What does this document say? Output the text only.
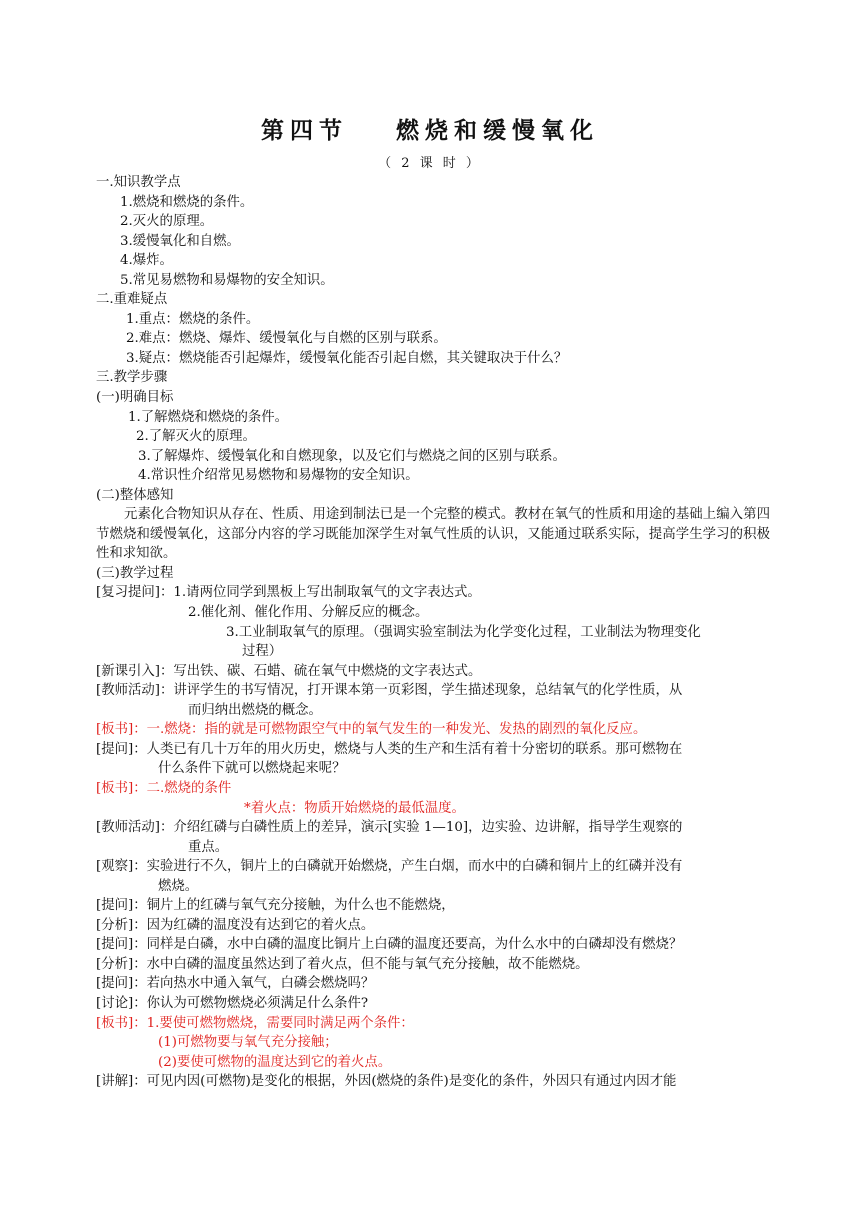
第四节 燃烧和缓慢氧化
（ 2 课 时 ）
一.知识教学点
1.燃烧和燃烧的条件。
2.灭火的原理。
3.缓慢氧化和自燃。
4.爆炸。
5.常见易燃物和易爆物的安全知识。
二.重难疑点
1.重点：燃烧的条件。
2.难点：燃烧、爆炸、缓慢氧化与自燃的区别与联系。
3.疑点：燃烧能否引起爆炸，缓慢氧化能否引起自燃，其关键取决于什么？
三.教学步骤
(一)明确目标
1.了解燃烧和燃烧的条件。
2.了解灭火的原理。
3.了解爆炸、缓慢氧化和自燃现象，以及它们与燃烧之间的区别与联系。
4.常识性介绍常见易燃物和易爆物的安全知识。
(二)整体感知
元素化合物知识从存在、性质、用途到制法已是一个完整的模式。教材在氧气的性质和用途的基础上编入第四节燃烧和缓慢氧化，这部分内容的学习既能加深学生对氧气性质的认识，又能通过联系实际，提高学生学习的积极性和求知欲。
(三)教学过程
[复习提问]：1.请两位同学到黑板上写出制取氧气的文字表达式。
2.催化剂、催化作用、分解反应的概念。
3.工业制取氧气的原理。（强调实验室制法为化学变化过程，工业制法为物理变化
过程）
[新课引入]：写出铁、碳、石蜡、硫在氧气中燃烧的文字表达式。
[教师活动]：讲评学生的书写情况，打开课本第一页彩图，学生描述现象，总结氧气的化学性质，从
而归纳出燃烧的概念。
[板书]：一.燃烧：指的就是可燃物跟空气中的氧气发生的一种发光、发热的剧烈的氧化反应。
[提问]：人类已有几十万年的用火历史，燃烧与人类的生产和生活有着十分密切的联系。那可燃物在
什么条件下就可以燃烧起来呢？
[板书]：二.燃烧的条件
*着火点：物质开始燃烧的最低温度。
[教师活动]：介绍红磷与白磷性质上的差异，演示[实验 1—10]，边实验、边讲解，指导学生观察的
重点。
[观察]：实验进行不久，铜片上的白磷就开始燃烧，产生白烟，而水中的白磷和铜片上的红磷并没有
燃烧。
[提问]：铜片上的红磷与氧气充分接触，为什么也不能燃烧，
[分析]：因为红磷的温度没有达到它的着火点。
[提问]：同样是白磷，水中白磷的温度比铜片上白磷的温度还要高，为什么水中的白磷却没有燃烧？
[分析]：水中白磷的温度虽然达到了着火点，但不能与氧气充分接触，故不能燃烧。
[提问]：若向热水中通入氧气，白磷会燃烧吗？
[讨论]：你认为可燃物燃烧必须满足什么条件?
[板书]：1.要使可燃物燃烧，需要同时满足两个条件：
(1)可燃物要与氧气充分接触；
(2)要使可燃物的温度达到它的着火点。
[讲解]：可见内因(可燃物)是变化的根据，外因(燃烧的条件)是变化的条件，外因只有通过内因才能
